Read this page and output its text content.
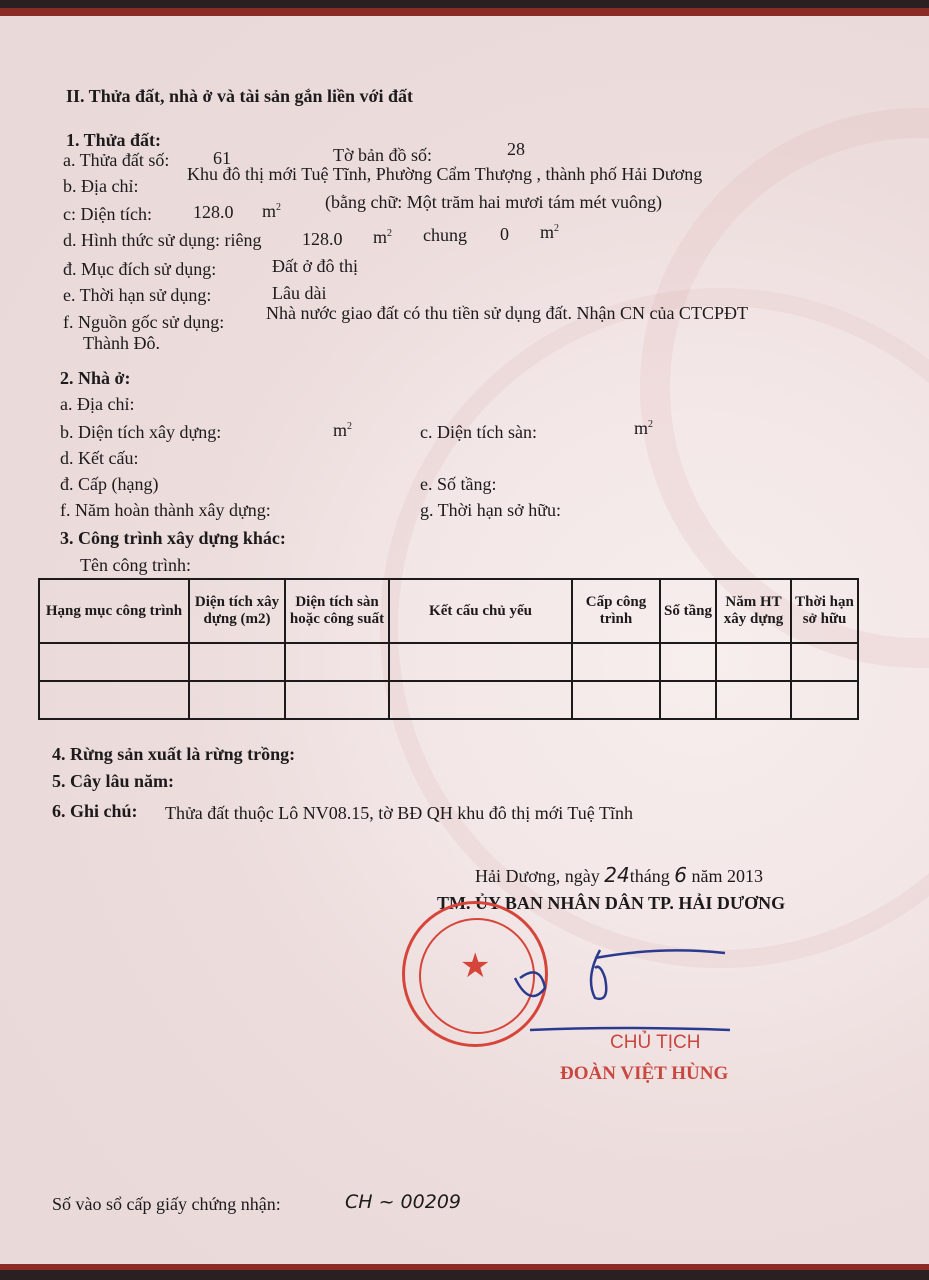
II. Thửa đất, nhà ở và tài sản gắn liền với đất
1. Thửa đất:
a. Thửa đất số: 61	Tờ bản đồ số:	28
b. Địa chỉ:
Khu đô thị mới Tuệ Tĩnh, Phường Cẩm Thượng , thành phố Hải Dương
c: Diện tích: 128.0 $m^2$ (bằng chữ: Một trăm hai mươi tám mét vuông)
d. Hình thức sử dụng: riêng 128.0 $m^2$ chung 0 $m^2$
đ. Mục đích sử dụng:	Đất ở đô thị
e. Thời hạn sử dụng:	Lâu dài
f. Nguồn gốc sử dụng: Nhà nước giao đất có thu tiền sử dụng đất. Nhận CN của CTCPĐT
Thành Đô.
2. Nhà ở:
a. Địa chỉ:
b. Diện tích xây dựng:	$m^2$	c. Diện tích sàn:	$m^2$
d. Kết cấu:
đ. Cấp (hạng)	e. Số tầng:
f. Năm hoàn thành xây dựng:	g. Thời hạn sở hữu:
3. Công trình xây dựng khác:
Tên công trình:
Hạng mục công trình	Diện tích xây dựng (m2)	Diện tích sàn hoặc công suất	Kết cấu chủ yếu	Cấp công trình	Số tầng	Năm HT xây dựng	Thời hạn sở hữu

4. Rừng sản xuất là rừng trồng:
5. Cây lâu năm:
6. Ghi chú: Thửa đất thuộc Lô NV08.15, tờ BĐ QH khu đô thị mới Tuệ Tĩnh
Hải Dương, ngày 24tháng 6 năm 2013
TM. ỦY BAN NHÂN DÂN TP. HẢI DƯƠNG
★
CHỦ TỊCH
ĐOÀN VIỆT HÙNG
Số vào sổ cấp giấy chứng nhận:	CH ~ 00209
